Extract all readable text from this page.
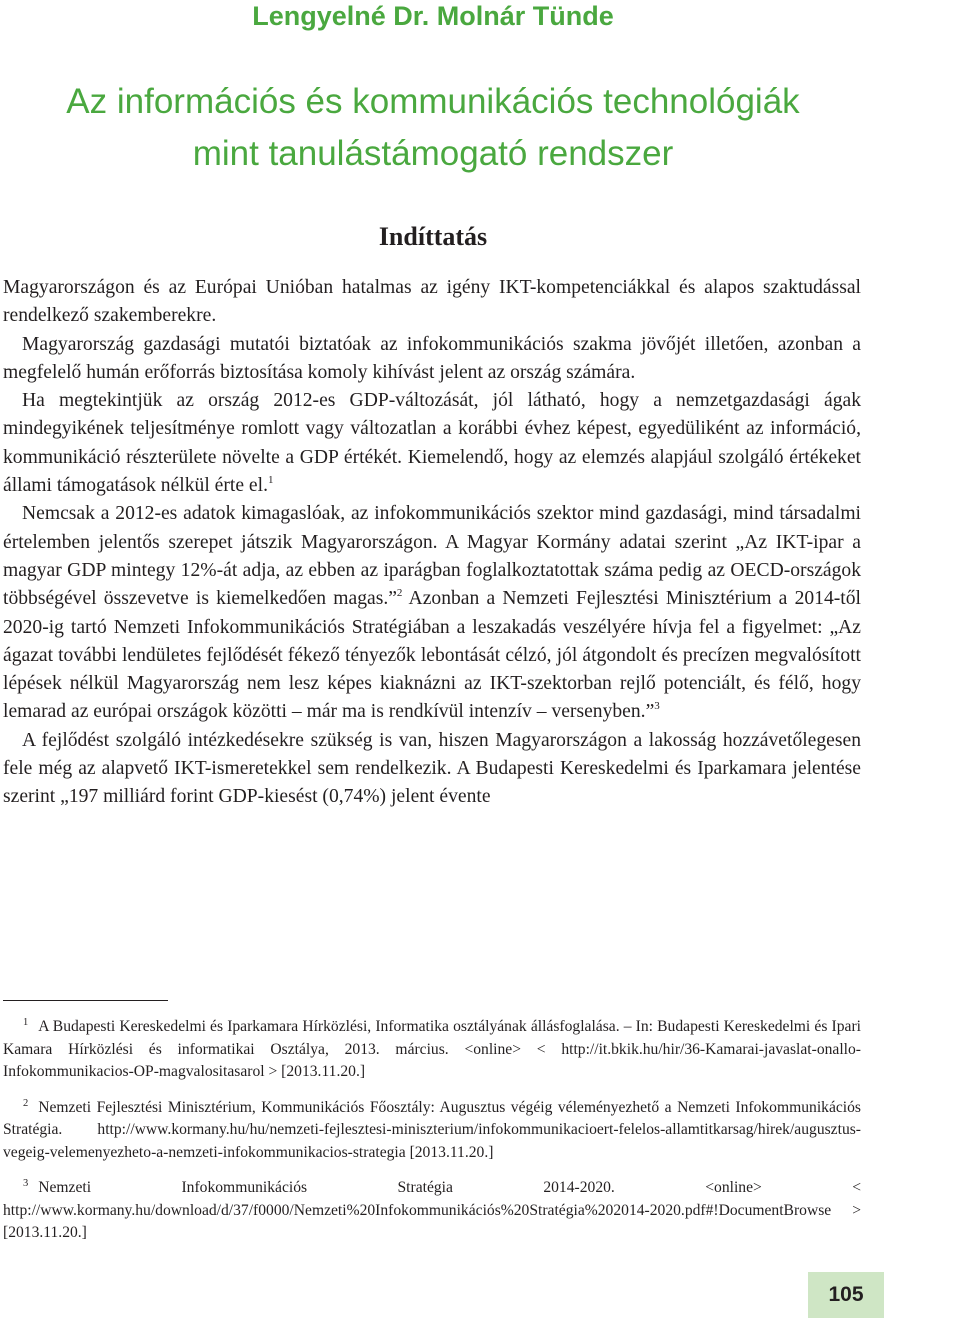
Lengyelné Dr. Molnár Tünde
Az információs és kommunikációs technológiák
mint tanulástámogató rendszer
Indíttatás

Magyarországon és az Európai Unióban hatalmas az igény IKT-kompetenciákkal és alapos szaktudással rendelkező szakemberekre.

Magyarország gazdasági mutatói biztatóak az infokommunikációs szakma jövőjét illetően, azonban a megfelelő humán erőforrás biztosítása komoly kihívást jelent az ország számára.

Ha megtekintjük az ország 2012-es GDP-változását, jól látható, hogy a nemzetgazdasági ágak mindegyikének teljesítménye romlott vagy változatlan a korábbi évhez képest, egyedüliként az információ, kommunikáció részterülete növelte a GDP értékét. Kiemelendő, hogy az elemzés alapjául szolgáló értékeket állami támogatások nélkül érte el.$^1$

Nemcsak a 2012-es adatok kimagaslóak, az infokommunikációs szektor mind gazdasági, mind társadalmi értelemben jelentős szerepet játszik Magyarországon. A Magyar Kormány adatai szerint „Az IKT-ipar a magyar GDP mintegy 12%-át adja, az ebben az iparágban foglalkoztatottak száma pedig az OECD-országok többségével összevetve is kiemelkedően magas.”$^2$ Azonban a Nemzeti Fejlesztési Minisztérium a 2014-től 2020-ig tartó Nemzeti Infokommunikációs Stratégiában a leszakadás veszélyére hívja fel a figyelmet: „Az ágazat további lendületes fejlődését fékező tényezők lebontását célzó, jól átgondolt és precízen megvalósított lépések nélkül Magyarország nem lesz képes kiaknázni az IKT-szektorban rejlő potenciált, és félő, hogy lemarad az európai országok közötti – már ma is rendkívül intenzív – versenyben.”$^3$

A fejlődést szolgáló intézkedésekre szükség is van, hiszen Magyarországon a lakosság hozzávetőlegesen fele még az alapvető IKT-ismeretekkel sem rendelkezik. A Budapesti Kereskedelmi és Iparkamara jelentése szerint „197 milliárd forint GDP-kiesést (0,74%) jelent évente

$^1$ A Budapesti Kereskedelmi és Iparkamara Hírközlési, Informatika osztályának állásfoglalása. – In: Budapesti Kereskedelmi és Ipari Kamara Hírközlési és informatikai Osztálya, 2013. március. <online> < http://it.bkik.hu/hir/36-Kamarai-javaslat-onallo-Infokommunikacios-OP-magvalositasarol > [2013.11.20.]

$^2$ Nemzeti Fejlesztési Minisztérium, Kommunikációs Főosztály: Augusztus végéig véleményezhető a Nemzeti Infokommunikációs Stratégia. http://www.kormany.hu/hu/nemzeti-fejlesztesi-miniszterium/infokommunikacioert-felelos-allamtitkarsag/hirek/augusztus-vegeig-velemenyezheto-a-nemzeti-infokommunikacios-strategia [2013.11.20.]

$^3$ Nemzeti Infokommunikációs Stratégia 2014-2020. <online> < http://www.kormany.hu/download/d/37/f0000/Nemzeti%20Infokommunikációs%20Stratégia%202014-2020.pdf#!DocumentBrowse > [2013.11.20.]

105
